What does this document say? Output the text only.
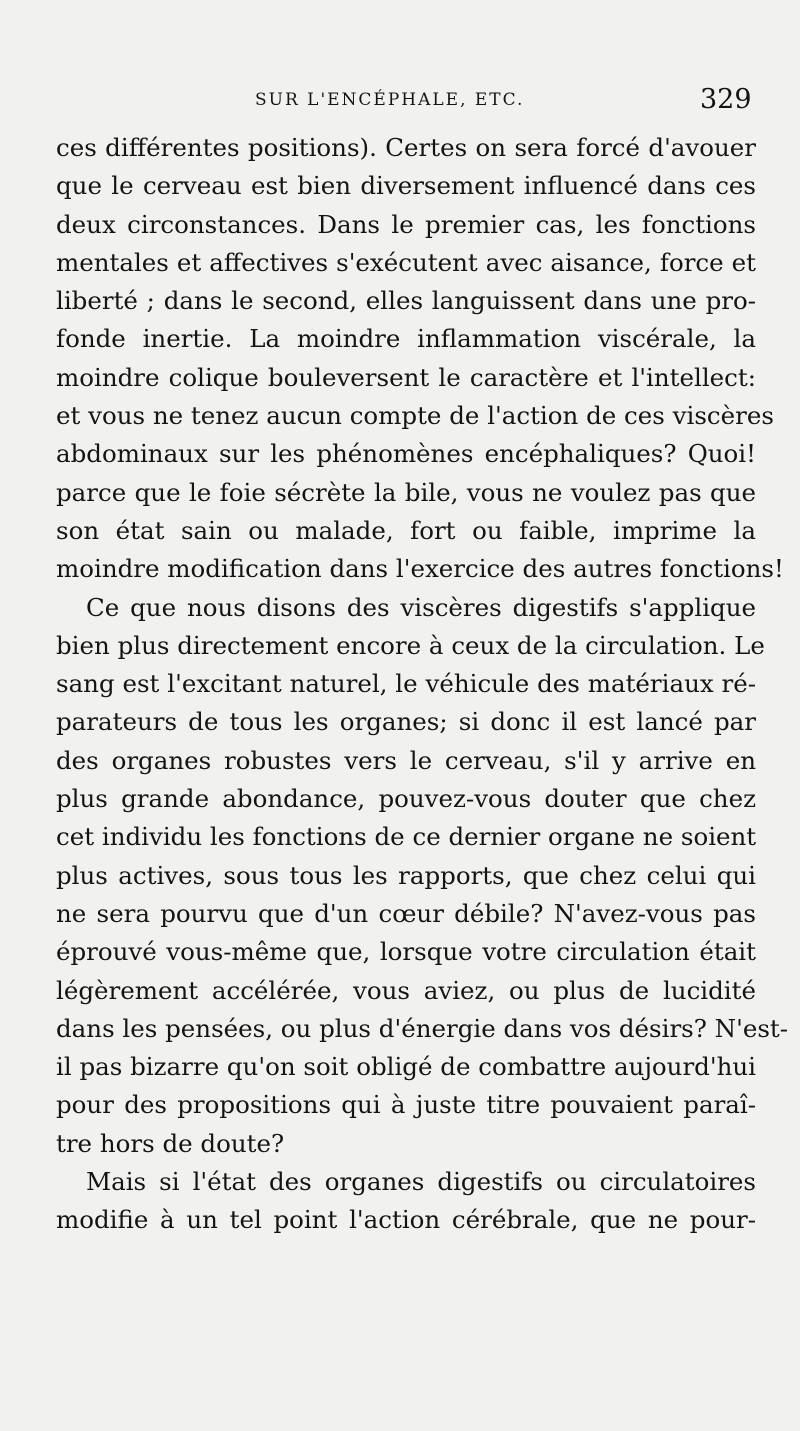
SUR L'ENCÉPHALE, ETC.	329
ces différentes positions). Certes on sera forcé d'avouer
que le cerveau est bien diversement influencé dans ces
deux circonstances. Dans le premier cas, les fonctions
mentales et affectives s'exécutent avec aisance, force et
liberté ; dans le second, elles languissent dans une pro-
fonde inertie. La moindre inflammation viscérale, la
moindre colique bouleversent le caractère et l'intellect:
et vous ne tenez aucun compte de l'action de ces viscères
abdominaux sur les phénomènes encéphaliques? Quoi!
parce que le foie sécrète la bile, vous ne voulez pas que
son état sain ou malade, fort ou faible, imprime la
moindre modification dans l'exercice des autres fonctions!
Ce que nous disons des viscères digestifs s'applique
bien plus directement encore à ceux de la circulation. Le
sang est l'excitant naturel, le véhicule des matériaux ré-
parateurs de tous les organes; si donc il est lancé par
des organes robustes vers le cerveau, s'il y arrive en
plus grande abondance, pouvez-vous douter que chez
cet individu les fonctions de ce dernier organe ne soient
plus actives, sous tous les rapports, que chez celui qui
ne sera pourvu que d'un cœur débile? N'avez-vous pas
éprouvé vous-même que, lorsque votre circulation était
légèrement accélérée, vous aviez, ou plus de lucidité
dans les pensées, ou plus d'énergie dans vos désirs? N'est-
il pas bizarre qu'on soit obligé de combattre aujourd'hui
pour des propositions qui à juste titre pouvaient paraî-
tre hors de doute?
Mais si l'état des organes digestifs ou circulatoires
modifie à un tel point l'action cérébrale, que ne pour-
